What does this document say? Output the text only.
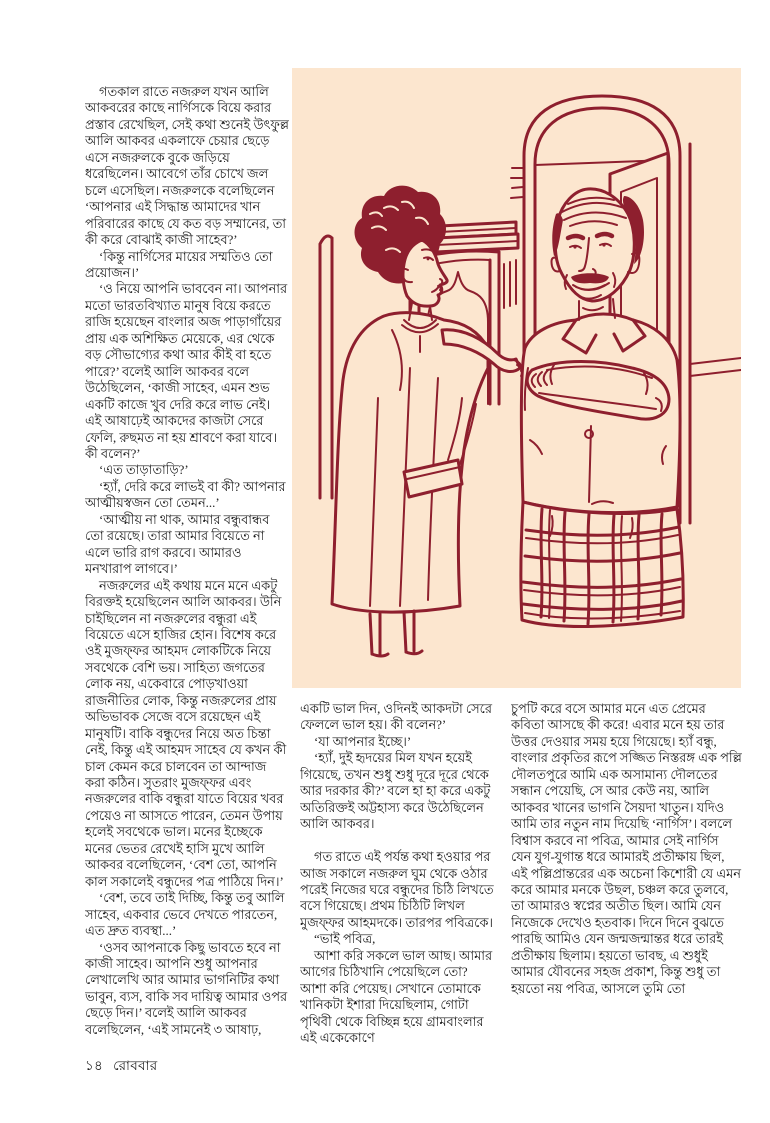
গতকাল রাতে নজরুল যখন আলি আকবরের কাছে নার্গিসকে বিয়ে করার প্রস্তাব রেখেছিল, সেই কথা শুনেই উৎফুল্ল আলি আকবর একলাফে চেয়ার ছেড়ে এসে নজরুলকে বুকে জড়িয়ে ধরেছিলেন। আবেগে তাঁর চোখে জল চলে এসেছিল। নজরুলকে বলেছিলেন ‘আপনার এই সিদ্ধান্ত আমাদের খান পরিবারের কাছে যে কত বড় সম্মানের, তা কী করে বোঝাই কাজী সাহেব?’

‘কিন্তু নার্গিসের মায়ের সম্মতিও তো প্রয়োজন।’

‘ও নিয়ে আপনি ভাববেন না। আপনার মতো ভারতবিখ্যাত মানুষ বিয়ে করতে রাজি হয়েছেন বাংলার অজ পাড়াগাঁয়ের প্রায় এক অশিক্ষিত মেয়েকে, এর থেকে বড় সৌভাগ্যের কথা আর কীই বা হতে পারে?’ বলেই আলি আকবর বলে উঠেছিলেন, ‘কাজী সাহেব, এমন শুভ একটি কাজে খুব দেরি করে লাভ নেই। এই আষাঢ়েই আকদের কাজটা সেরে ফেলি, রুছমত না হয় শ্রাবণে করা যাবে। কী বলেন?’

‘এত তাড়াতাড়ি?’

‘হ্যাঁ, দেরি করে লাভই বা কী? আপনার আত্মীয়স্বজন তো তেমন...’

‘আত্মীয় না থাক, আমার বন্ধুবান্ধব তো রয়েছে। তারা আমার বিয়েতে না এলে ভারি রাগ করবে। আমারও মনখারাপ লাগবে।’

নজরুলের এই কথায় মনে মনে একটু বিরক্তই হয়েছিলেন আলি আকবর। উনি চাইছিলেন না নজরুলের বন্ধুরা এই বিয়েতে এসে হাজির হোন। বিশেষ করে ওই মুজফ্ফর আহমদ লোকটিকে নিয়ে সবথেকে বেশি ভয়। সাহিত্য জগতের লোক নয়, একেবারে পোড়খাওয়া রাজনীতির লোক, কিন্তু নজরুলের প্রায় অভিভাবক সেজে বসে রয়েছেন এই মানুষটি। বাকি বন্ধুদের নিয়ে অত চিন্তা নেই, কিন্তু এই আহমদ সাহেব যে কখন কী চাল কেমন করে চালবেন তা আন্দাজ করা কঠিন। সুতরাং মুজফ্ফর এবং নজরুলের বাকি বন্ধুরা যাতে বিয়ের খবর পেয়েও না আসতে পারেন, তেমন উপায় হলেই সবথেকে ভাল। মনের ইচ্ছেকে মনের ভেতর রেখেই হাসি মুখে আলি আকবর বলেছিলেন, ‘বেশ তো, আপনি কাল সকালেই বন্ধুদের পত্র পাঠিয়ে দিন।’

‘বেশ, তবে তাই দিচ্ছি, কিন্তু তবু আলি সাহেব, একবার ভেবে দেখতে পারতেন, এত দ্রুত ব্যবস্থা...’

‘ওসব আপনাকে কিছু ভাবতে হবে না কাজী সাহেব। আপনি শুধু আপনার লেখালেখি আর আমার ভাগনিটির কথা ভাবুন, ব্যস, বাকি সব দায়িত্ব আমার ওপর ছেড়ে দিন।’ বলেই আলি আকবর বলেছিলেন, ‘এই সামনেই ৩ আষাঢ়,

একটি ভাল দিন, ওদিনই আকদটা সেরে ফেললে ভাল হয়। কী বলেন?’

‘যা আপনার ইচ্ছে।’

‘হ্যাঁ, দুই হৃদয়ের মিল যখন হয়েই গিয়েছে, তখন শুধু শুধু দূরে দূরে থেকে আর দরকার কী?’ বলে হা হা করে একটু অতিরিক্তই অট্টহাস্য করে উঠেছিলেন আলি আকবর।

গত রাতে এই পর্যন্ত কথা হওয়ার পর আজ সকালে নজরুল ঘুম থেকে ওঠার পরেই নিজের ঘরে বন্ধুদের চিঠি লিখতে বসে গিয়েছে। প্রথম চিঠিটি লিখল মুজফ্ফর আহমদকে। তারপর পবিত্রকে।

“ভাই পবিত্র,

আশা করি সকলে ভাল আছ। আমার আগের চিঠিখানি পেয়েছিলে তো? আশা করি পেয়েছ। সেখানে তোমাকে খানিকটা ইশারা দিয়েছিলাম, গোটা পৃথিবী থেকে বিচ্ছিন্ন হয়ে গ্রামবাংলার এই একেকোণে

চুপটি করে বসে আমার মনে এত প্রেমের কবিতা আসছে কী করে! এবার মনে হয় তার উত্তর দেওয়ার সময় হয়ে গিয়েছে। হ্যাঁ বন্ধু, বাংলার প্রকৃতির রূপে সজ্জিত নিস্তরঙ্গ এক পল্লি দৌলতপুরে আমি এক অসামান্য দৌলতের সন্ধান পেয়েছি, সে আর কেউ নয়, আলি আকবর খানের ভাগনি সৈয়দা খাতুন। যদিও আমি তার নতুন নাম দিয়েছি ‘নার্গিস’। বললে বিশ্বাস করবে না পবিত্র, আমার সেই নার্গিস যেন যুগ-যুগান্ত ধরে আমারই প্রতীক্ষায় ছিল, এই পল্লিপ্রান্তরের এক অচেনা কিশোরী যে এমন করে আমার মনকে উছল, চঞ্চল করে তুলবে, তা আমারও স্বপ্নের অতীত ছিল। আমি যেন নিজেকে দেখেও হতবাক। দিনে দিনে বুঝতে পারছি আমিও যেন জন্মজন্মান্তর ধরে তারই প্রতীক্ষায় ছিলাম। হয়তো ভাবছ, এ শুধুই আমার যৌবনের সহজ প্রকাশ, কিন্তু শুধু তা হয়তো নয় পবিত্র, আসলে তুমি তো

১৪ রোববার
